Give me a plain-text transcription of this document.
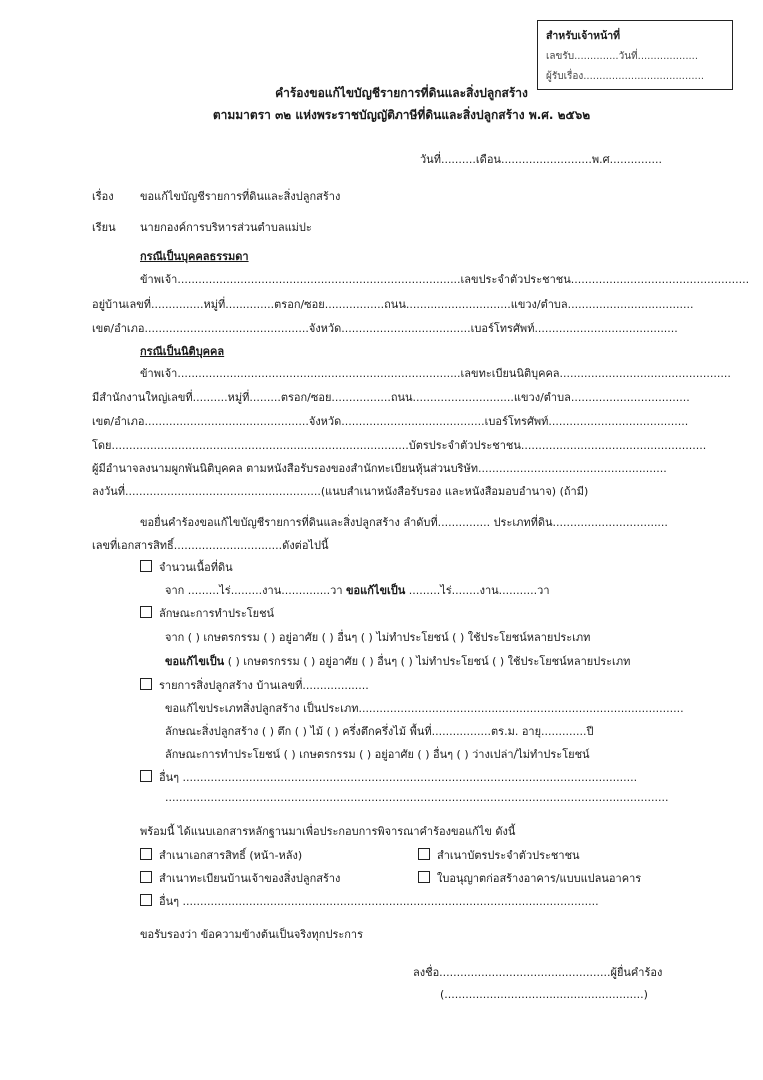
สำหรับเจ้าหน้าที่
เลขรับ..............วันที่...................
ผู้รับเรื่อง......................................
คำร้องขอแก้ไขบัญชีรายการที่ดินและสิ่งปลูกสร้าง
ตามมาตรา ๓๒ แห่งพระราชบัญญัติภาษีที่ดินและสิ่งปลูกสร้าง พ.ศ. ๒๕๖๒
วันที่..........เดือน..........................พ.ศ...............
เรื่อง ขอแก้ไขบัญชีรายการที่ดินและสิ่งปลูกสร้าง
เรียน นายกองค์การบริหารส่วนตำบลแม่ปะ
กรณีเป็นบุคคลธรรมดา
ข้าพเจ้า.................................................................................เลขประจำตัวประชาชน...................................................
อยู่บ้านเลขที่...............หมู่ที่..............ตรอก/ซอย.................ถนน..............................แขวง/ตำบล....................................
เขต/อำเภอ...............................................จังหวัด.....................................เบอร์โทรศัพท์.........................................
กรณีเป็นนิติบุคคล
ข้าพเจ้า.................................................................................เลขทะเบียนนิติบุคคล.................................................
มีสำนักงานใหญ่เลขที่..........หมู่ที่.........ตรอก/ซอย.................ถนน.............................แขวง/ตำบล..................................
เขต/อำเภอ...............................................จังหวัด.........................................เบอร์โทรศัพท์........................................
โดย.....................................................................................บัตรประจำตัวประชาชน.....................................................
ผู้มีอำนาจลงนามผูกพันนิติบุคคล ตามหนังสือรับรองของสำนักทะเบียนหุ้นส่วนบริษัท......................................................
ลงวันที่........................................................(แนบสำเนาหนังสือรับรอง และหนังสือมอบอำนาจ) (ถ้ามี)
ขอยื่นคำร้องขอแก้ไขบัญชีรายการที่ดินและสิ่งปลูกสร้าง ลำดับที่............... ประเภทที่ดิน.................................
เลขที่เอกสารสิทธิ์...............................ดังต่อไปนี้
จำนวนเนื้อที่ดิน
จาก .........ไร่.........งาน..............วา ขอแก้ไขเป็น .........ไร่........งาน...........วา
ลักษณะการทำประโยชน์
จาก ( ) เกษตรกรรม ( ) อยู่อาศัย ( ) อื่นๆ ( ) ไม่ทำประโยชน์ ( ) ใช้ประโยชน์หลายประเภท
ขอแก้ไขเป็น ( ) เกษตรกรรม ( ) อยู่อาศัย ( ) อื่นๆ ( ) ไม่ทำประโยชน์ ( ) ใช้ประโยชน์หลายประเภท
รายการสิ่งปลูกสร้าง บ้านเลขที่...................
ขอแก้ไขประเภทสิ่งปลูกสร้าง เป็นประเภท.............................................................................................
ลักษณะสิ่งปลูกสร้าง ( ) ตึก ( ) ไม้ ( ) ครึ่งตึกครึ่งไม้ พื้นที่.................ตร.ม. อายุ.............ปี
ลักษณะการทำประโยชน์ ( ) เกษตรกรรม ( ) อยู่อาศัย ( ) อื่นๆ ( ) ว่างเปล่า/ไม่ทำประโยชน์
อื่นๆ ..................................................................................................................................
................................................................................................................................................
พร้อมนี้ ได้แนบเอกสารหลักฐานมาเพื่อประกอบการพิจารณาคำร้องขอแก้ไข ดังนี้
สำเนาเอกสารสิทธิ์ (หน้า-หลัง)	สำเนาบัตรประจำตัวประชาชน
สำเนาทะเบียนบ้านเจ้าของสิ่งปลูกสร้าง	ใบอนุญาตก่อสร้างอาคาร/แบบแปลนอาคาร
อื่นๆ .......................................................................................................................
ขอรับรองว่า ข้อความข้างต้นเป็นจริงทุกประการ
ลงชื่อ.................................................ผู้ยื่นคำร้อง
(.........................................................)
